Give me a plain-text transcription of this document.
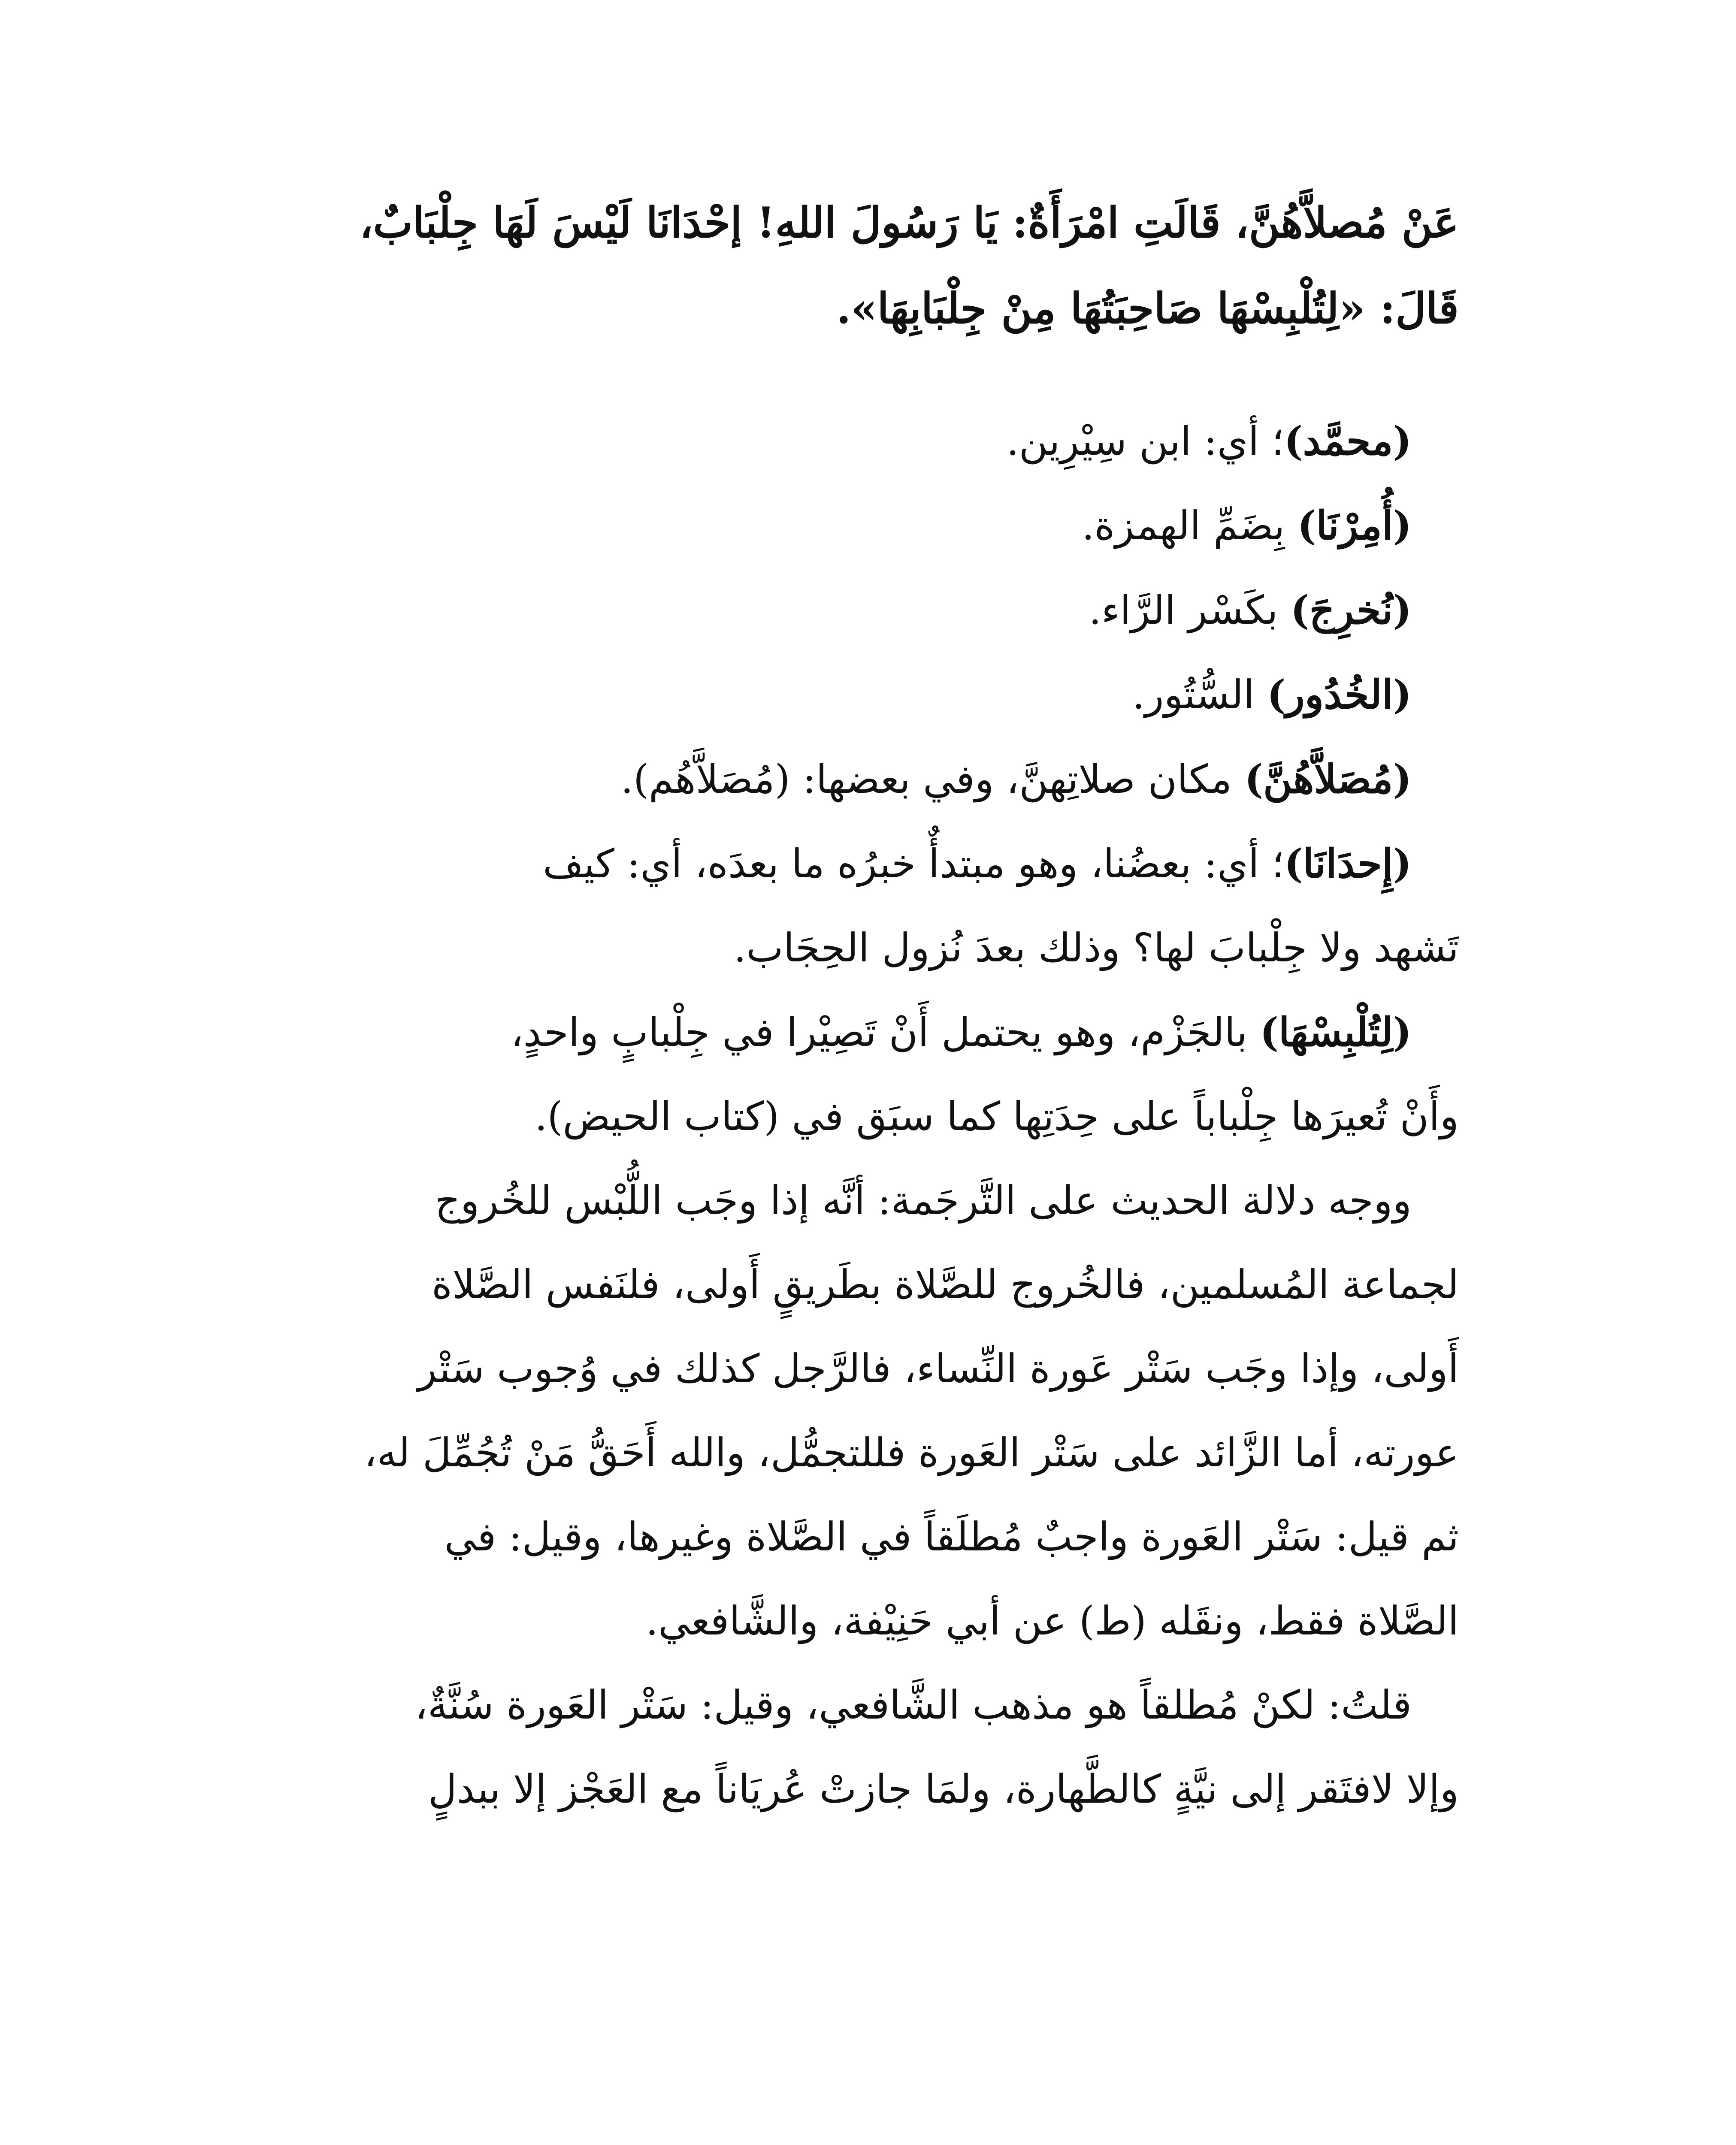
عَنْ مُصلاَّهُنَّ، قَالَتِ امْرَأَةٌ: يَا رَسُولَ اللهِ! إحْدَانَا لَيْسَ لَهَا جِلْبَابٌ،
قَالَ: «لِتُلْبِسْهَا صَاحِبَتُهَا مِنْ جِلْبَابِهَا».
(محمَّد)؛ أي: ابن سِيْرِين.
(أُمِرْنَا) بِضَمِّ الهمزة.
(نُخرِجَ) بكَسْر الرَّاء.
(الخُدُور) السُّتُور.
(مُصَلاَّهُنَّ) مكان صلاتِهنَّ، وفي بعضها: (مُصَلاَّهُم).
(إِحدَانَا)؛ أي: بعضُنا، وهو مبتدأٌ خبرُه ما بعدَه، أي: كيف
تَشهد ولا جِلْبابَ لها؟ وذلك بعدَ نُزول الحِجَاب.
(لِتُلْبِسْهَا) بالجَزْم، وهو يحتمل أَنْ تَصِيْرا في جِلْبابٍ واحدٍ،
وأَنْ تُعيرَها جِلْباباً على حِدَتِها كما سبَق في (كتاب الحيض).
ووجه دلالة الحديث على التَّرجَمة: أنَّه إذا وجَب اللُّبْس للخُروج
لجماعة المُسلمين، فالخُروج للصَّلاة بطَريقٍ أَولى، فلنَفس الصَّلاة
أَولى، وإذا وجَب سَتْر عَورة النِّساء، فالرَّجل كذلك في وُجوب سَتْر
عورته، أما الزَّائد على سَتْر العَورة فللتجمُّل، والله أَحَقُّ مَنْ تُجُمِّلَ له،
ثم قيل: سَتْر العَورة واجبٌ مُطلَقاً في الصَّلاة وغيرها، وقيل: في
الصَّلاة فقط، ونقَله (ط) عن أبي حَنِيْفة، والشَّافعي.
قلتُ: لكنْ مُطلقاً هو مذهب الشَّافعي، وقيل: سَتْر العَورة سُنَّةٌ،
وإلا لافتَقر إلى نيَّةٍ كالطَّهارة، ولمَا جازتْ عُريَاناً مع العَجْز إلا ببدلٍ
